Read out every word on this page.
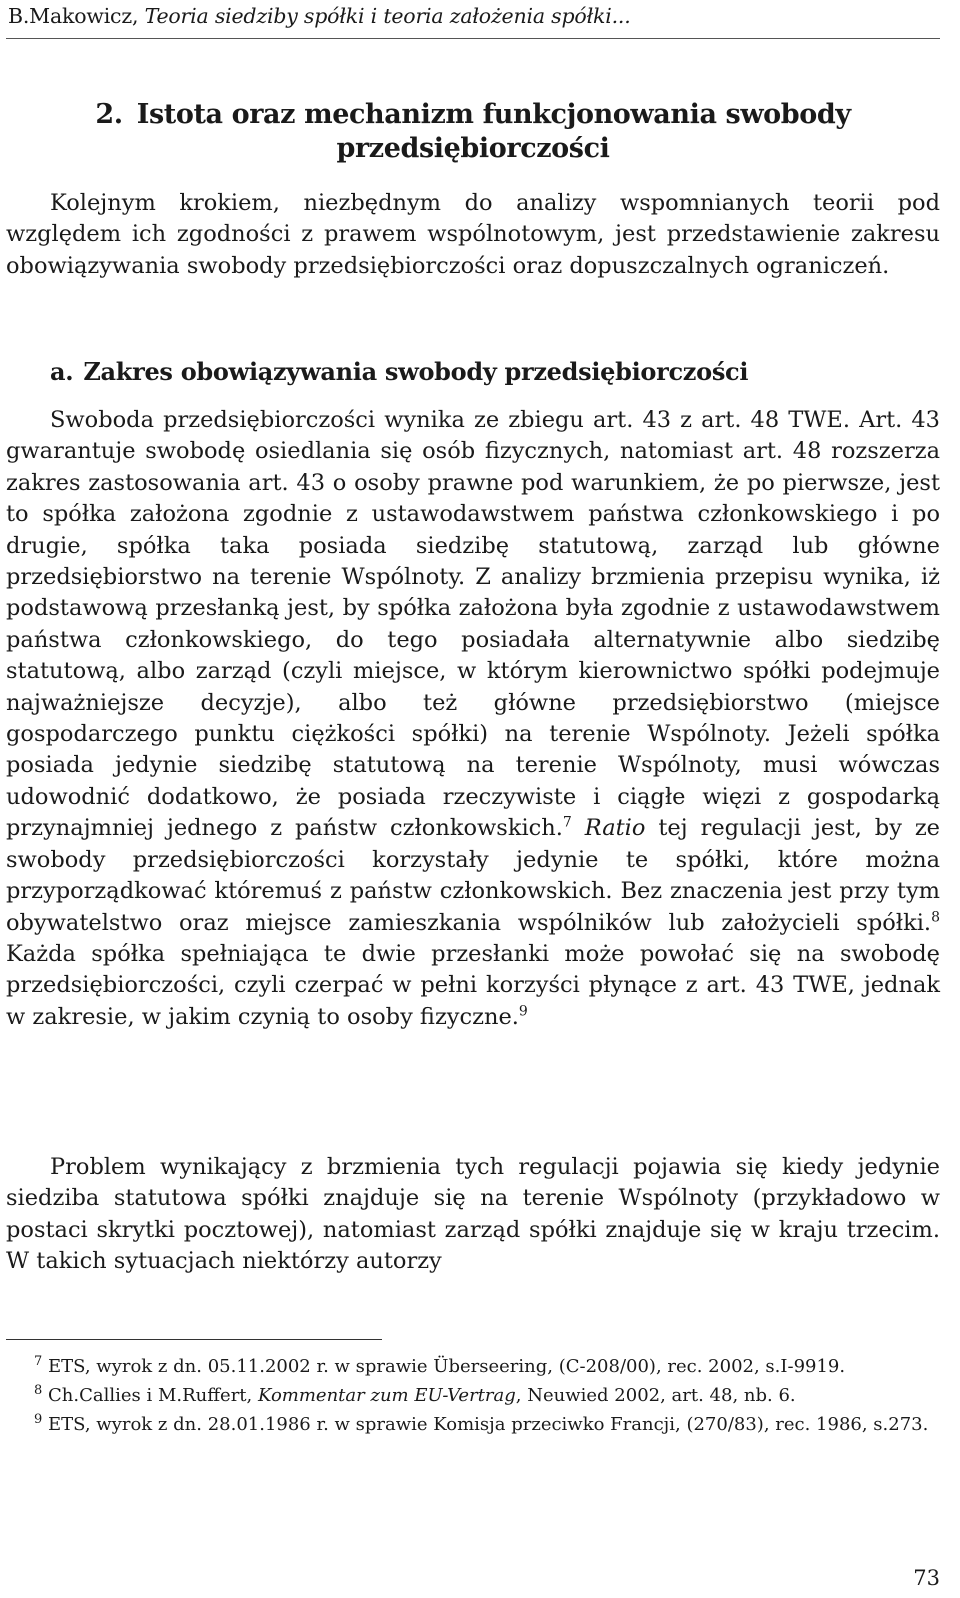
B.Makowicz, Teoria siedziby spółki i teoria założenia spółki...
2. Istota oraz mechanizm funkcjonowania swobody przedsiębiorczości

Kolejnym krokiem, niezbędnym do analizy wspomnianych teorii pod względem ich zgodności z prawem wspólnotowym, jest przedstawienie zakresu obowiązywania swobody przedsiębiorczości oraz dopuszczalnych ograniczeń.

a. Zakres obowiązywania swobody przedsiębiorczości

Swoboda przedsiębiorczości wynika ze zbiegu art. 43 z art. 48 TWE. Art. 43 gwarantuje swobodę osiedlania się osób fizycznych, natomiast art. 48 rozszerza zakres zastosowania art. 43 o osoby prawne pod warunkiem, że po pierwsze, jest to spółka założona zgodnie z ustawodawstwem państwa członkowskiego i po drugie, spółka taka posiada siedzibę statutową, zarząd lub główne przedsiębiorstwo na terenie Wspólnoty. Z analizy brzmienia przepisu wynika, iż podstawową przesłanką jest, by spółka założona była zgodnie z ustawodawstwem państwa członkowskiego, do tego posiadała alternatywnie albo siedzibę statutową, albo zarząd (czyli miejsce, w którym kierownictwo spółki podejmuje najważniejsze decyzje), albo też główne przedsiębiorstwo (miejsce gospodarczego punktu ciężkości spółki) na terenie Wspólnoty. Jeżeli spółka posiada jedynie siedzibę statutową na terenie Wspólnoty, musi wówczas udowodnić dodatkowo, że posiada rzeczywiste i ciągłe więzi z gospodarką przynajmniej jednego z państw członkowskich.$^7$ Ratio tej regulacji jest, by ze swobody przedsiębiorczości korzystały jedynie te spółki, które można przyporządkować któremuś z państw członkowskich. Bez znaczenia jest przy tym obywatelstwo oraz miejsce zamieszkania wspólników lub założycieli spółki.$^8$ Każda spółka spełniająca te dwie przesłanki może powołać się na swobodę przedsiębiorczości, czyli czerpać w pełni korzyści płynące z art. 43 TWE, jednak w zakresie, w jakim czynią to osoby fizyczne.$^9$

Problem wynikający z brzmienia tych regulacji pojawia się kiedy jedynie siedziba statutowa spółki znajduje się na terenie Wspólnoty (przykładowo w postaci skrytki pocztowej), natomiast zarząd spółki znajduje się w kraju trzecim. W takich sytuacjach niektórzy autorzy

$^7$ ETS, wyrok z dn. 05.11.2002 r. w sprawie Überseering, (C-208/00), rec. 2002, s.I-9919.

$^8$ Ch.Callies i M.Ruffert, Kommentar zum EU-Vertrag, Neuwied 2002, art. 48, nb. 6.

$^9$ ETS, wyrok z dn. 28.01.1986 r. w sprawie Komisja przeciwko Francji, (270/83), rec. 1986, s.273.

73
